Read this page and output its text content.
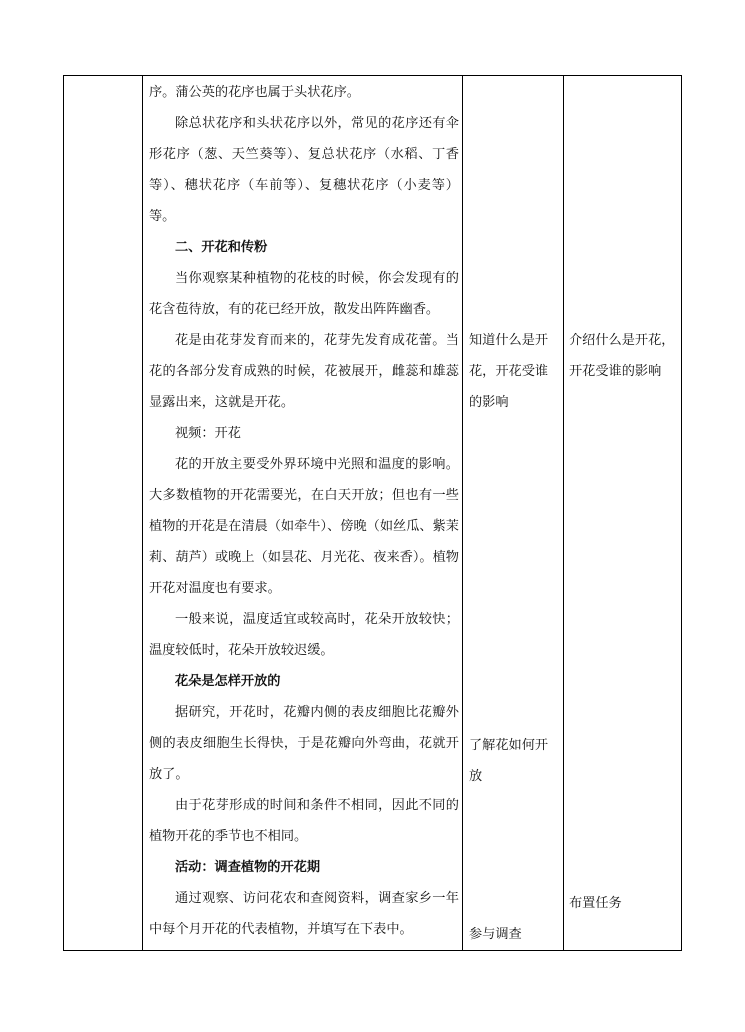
序。蒲公英的花序也属于头状花序。

除总状花序和头状花序以外，常见的花序还有伞形花序（葱、天竺葵等）、复总状花序（水稻、丁香等）、穗状花序（车前等）、复穗状花序（小麦等）等。

二、开花和传粉

当你观察某种植物的花枝的时候，你会发现有的花含苞待放，有的花已经开放，散发出阵阵幽香。

花是由花芽发育而来的，花芽先发育成花蕾。当花的各部分发育成熟的时候，花被展开，雌蕊和雄蕊显露出来，这就是开花。

视频：开花

花的开放主要受外界环境中光照和温度的影响。大多数植物的开花需要光，在白天开放；但也有一些植物的开花是在清晨（如牵牛）、傍晚（如丝瓜、紫茉莉、葫芦）或晚上（如昙花、月光花、夜来香）。植物开花对温度也有要求。

一般来说，温度适宜或较高时，花朵开放较快；温度较低时，花朵开放较迟缓。

花朵是怎样开放的

据研究，开花时，花瓣内侧的表皮细胞比花瓣外侧的表皮细胞生长得快，于是花瓣向外弯曲，花就开放了。

由于花芽形成的时间和条件不相同，因此不同的植物开花的季节也不相同。

活动：调查植物的开花期

通过观察、访问花农和查阅资料，调查家乡一年中每个月开花的代表植物，并填写在下表中。

知道什么是开花，开花受谁的影响

了解花如何开放

参与调查

介绍什么是开花，开花受谁的影响

布置任务
